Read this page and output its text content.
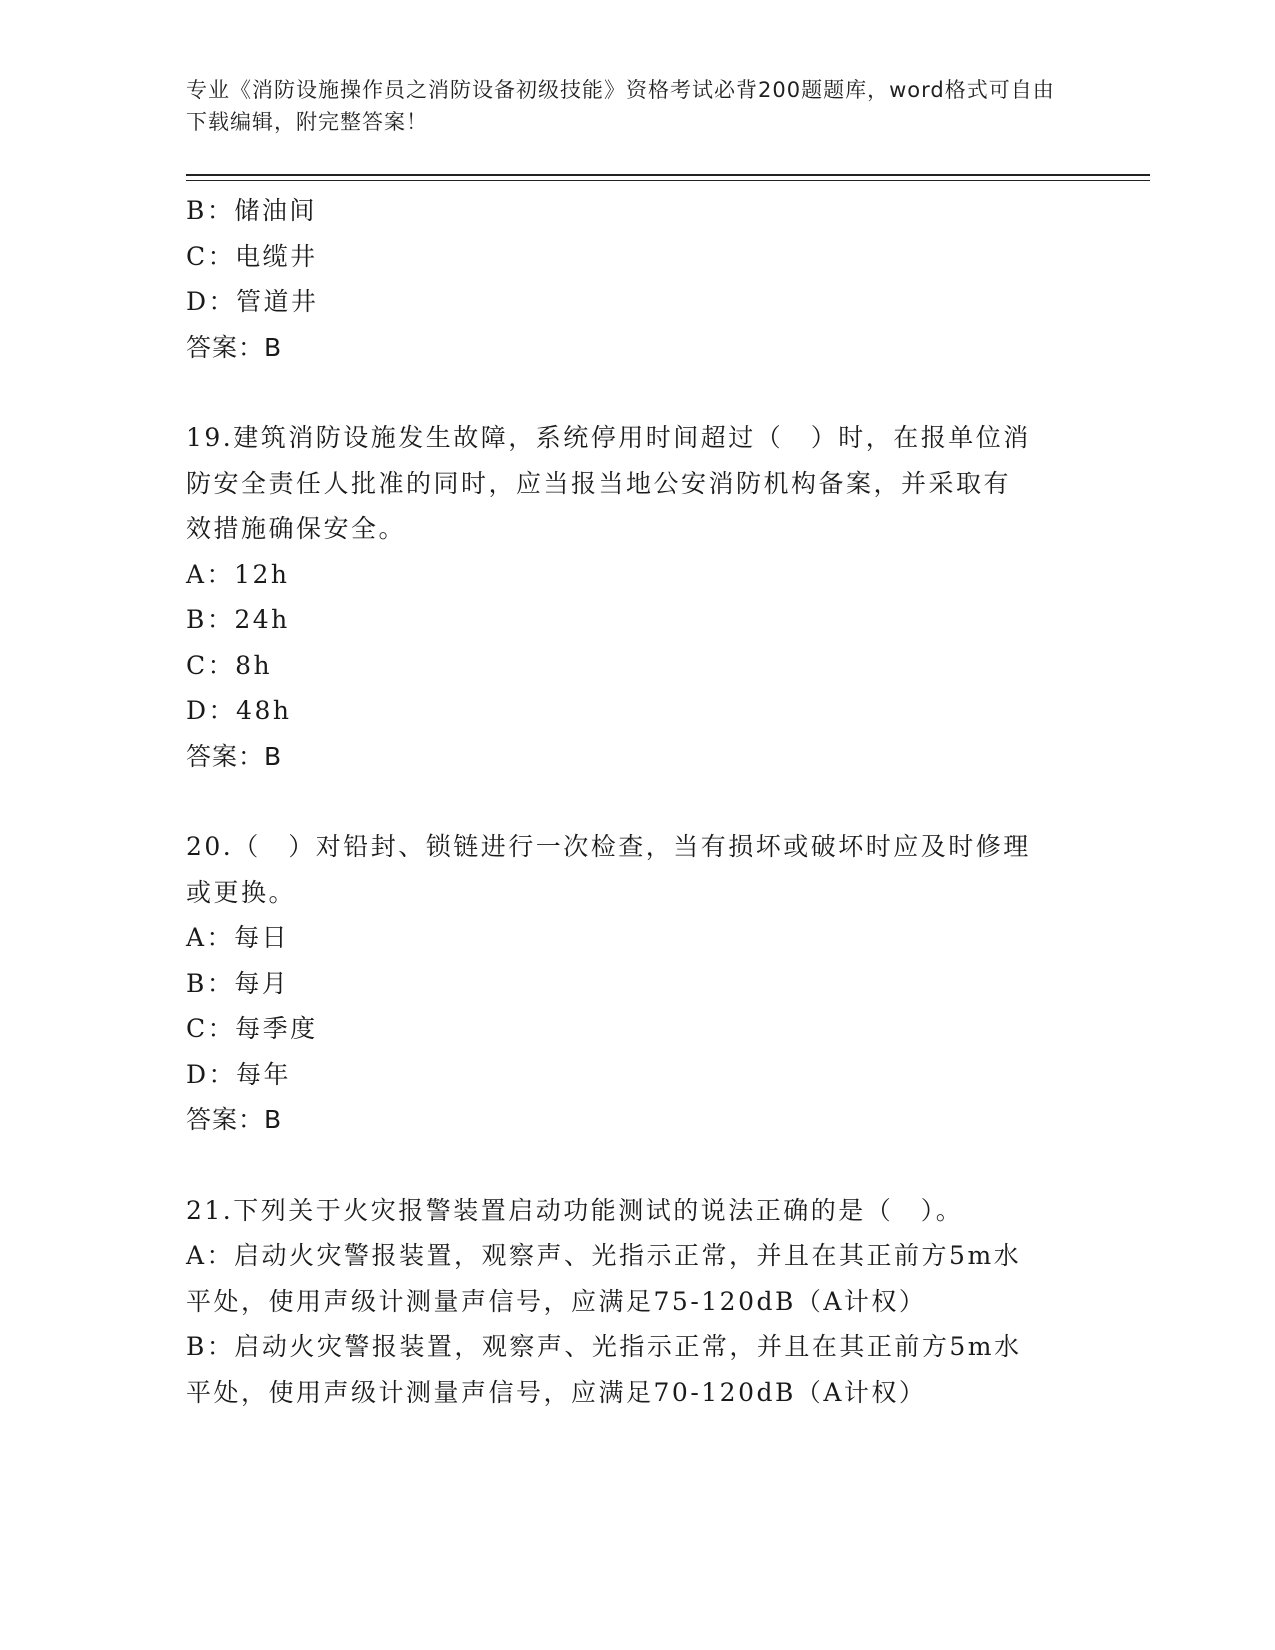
专业《消防设施操作员之消防设备初级技能》资格考试必背200题题库，word格式可自由下载编辑，附完整答案！
B：储油间
C：电缆井
D：管道井
答案：B
19.建筑消防设施发生故障，系统停用时间超过（　）时，在报单位消
防安全责任人批准的同时，应当报当地公安消防机构备案，并采取有
效措施确保安全。
A：12h
B：24h
C：8h
D：48h
答案：B
20.（　）对铅封、锁链进行一次检查，当有损坏或破坏时应及时修理
或更换。
A：每日
B：每月
C：每季度
D：每年
答案：B
21.下列关于火灾报警装置启动功能测试的说法正确的是（　）。
A：启动火灾警报装置，观察声、光指示正常，并且在其正前方5m水
平处，使用声级计测量声信号，应满足75-120dB（A计权）
B：启动火灾警报装置，观察声、光指示正常，并且在其正前方5m水
平处，使用声级计测量声信号，应满足70-120dB（A计权）
